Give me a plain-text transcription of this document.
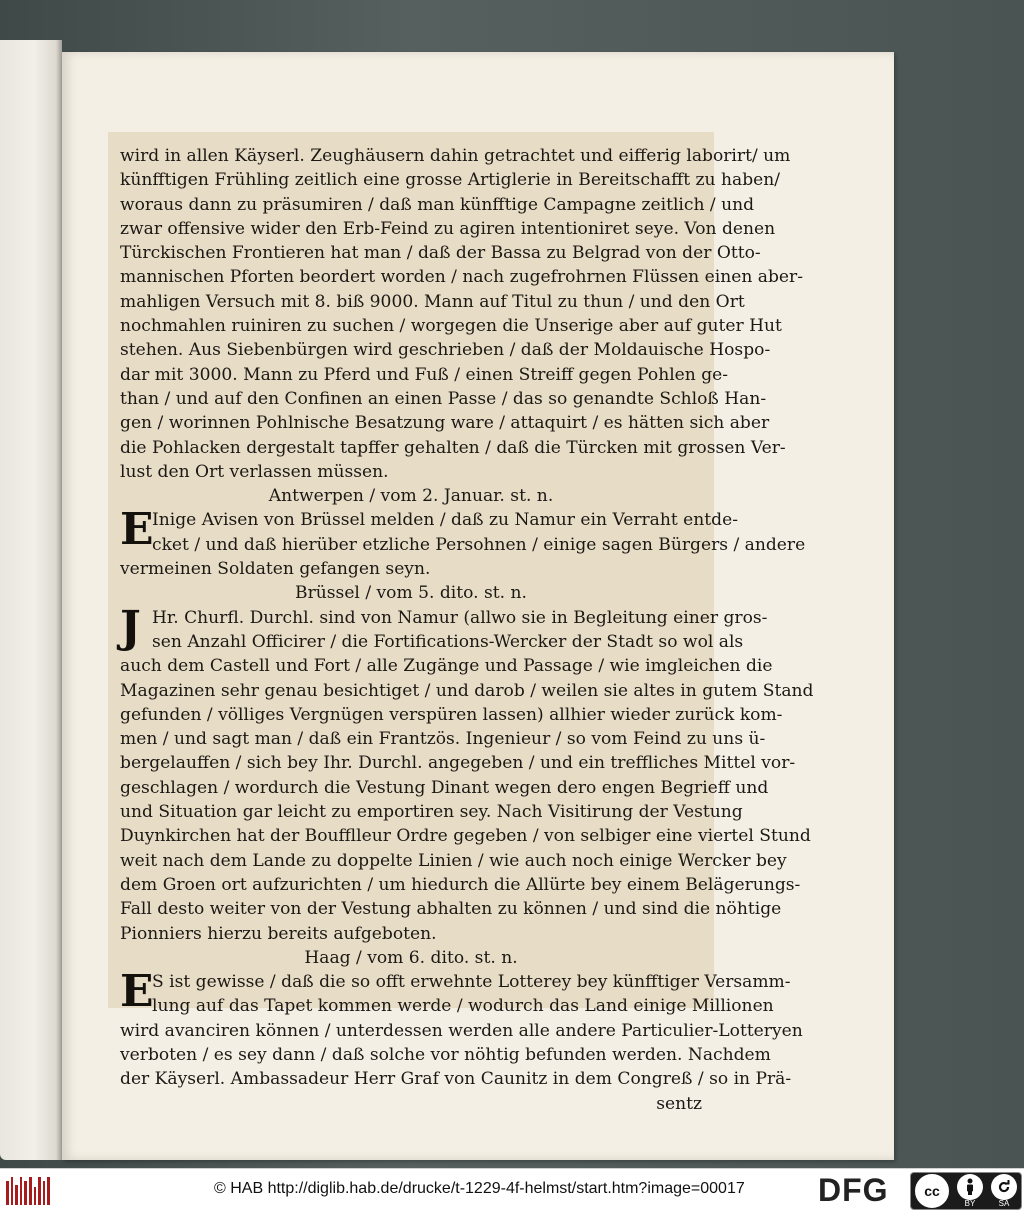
wird in allen Käyserl. Zeughäusern dahin getrachtet und eifferig laborirt/ um
künfftigen Frühling zeitlich eine grosse Artiglerie in Bereitschafft zu haben/
woraus dann zu präsumiren / daß man künfftige Campagne zeitlich / und
zwar offensive wider den Erb-Feind zu agiren intentioniret seye. Von denen
Türckischen Frontieren hat man / daß der Bassa zu Belgrad von der Otto-
mannischen Pforten beordert worden / nach zugefrohrnen Flüssen einen aber-
mahligen Versuch mit 8. biß 9000. Mann auf Titul zu thun / und den Ort
nochmahlen ruiniren zu suchen / worgegen die Unserige aber auf guter Hut
stehen. Aus Siebenbürgen wird geschrieben / daß der Moldauische Hospo-
dar mit 3000. Mann zu Pferd und Fuß / einen Streiff gegen Pohlen ge-
than / und auf den Confinen an einen Passe / das so genandte Schloß Han-
gen / worinnen Pohlnische Besatzung ware / attaquirt / es hätten sich aber
die Pohlacken dergestalt tapffer gehalten / daß die Türcken mit grossen Ver-
lust den Ort verlassen müssen.
Antwerpen / vom 2. Januar. st. n.
E
Inige Avisen von Brüssel melden / daß zu Namur ein Verraht entde-
cket / und daß hierüber etzliche Persohnen / einige sagen Bürgers / andere
vermeinen Soldaten gefangen seyn.
Brüssel / vom 5. dito. st. n.
J Hr. Churfl. Durchl. sind von Namur (allwo sie in Begleitung einer gros-
sen Anzahl Officirer / die Fortifications-Wercker der Stadt so wol als
auch dem Castell und Fort / alle Zugänge und Passage / wie imgleichen die
Magazinen sehr genau besichtiget / und darob / weilen sie altes in gutem Stand
gefunden / völliges Vergnügen verspüren lassen) allhier wieder zurück kom-
men / und sagt man / daß ein Frantzös. Ingenieur / so vom Feind zu uns ü-
bergelauffen / sich bey Ihr. Durchl. angegeben / und ein treffliches Mittel vor-
geschlagen / wordurch die Vestung Dinant wegen dero engen Begrieff und
und Situation gar leicht zu emportiren sey. Nach Visitirung der Vestung
Duynkirchen hat der Boufflleur Ordre gegeben / von selbiger eine viertel Stund
weit nach dem Lande zu doppelte Linien / wie auch noch einige Wercker bey
dem Groen ort aufzurichten / um hiedurch die Allürte bey einem Belägerungs-
Fall desto weiter von der Vestung abhalten zu können / und sind die nöhtige
Pionniers hierzu bereits aufgeboten.
Haag / vom 6. dito. st. n.
E
S ist gewisse / daß die so offt erwehnte Lotterey bey künfftiger Versamm-
lung auf das Tapet kommen werde / wodurch das Land einige Millionen
wird avanciren können / unterdessen werden alle andere Particulier-Lotteryen
verboten / es sey dann / daß solche vor nöhtig befunden werden. Nachdem
der Käyserl. Ambassadeur Herr Graf von Caunitz in dem Congreß / so in Prä-
sentz
© HAB http://diglib.hab.de/drucke/t-1229-4f-helmst/start.htm?image=00017 DFG	cc
BY	SA
